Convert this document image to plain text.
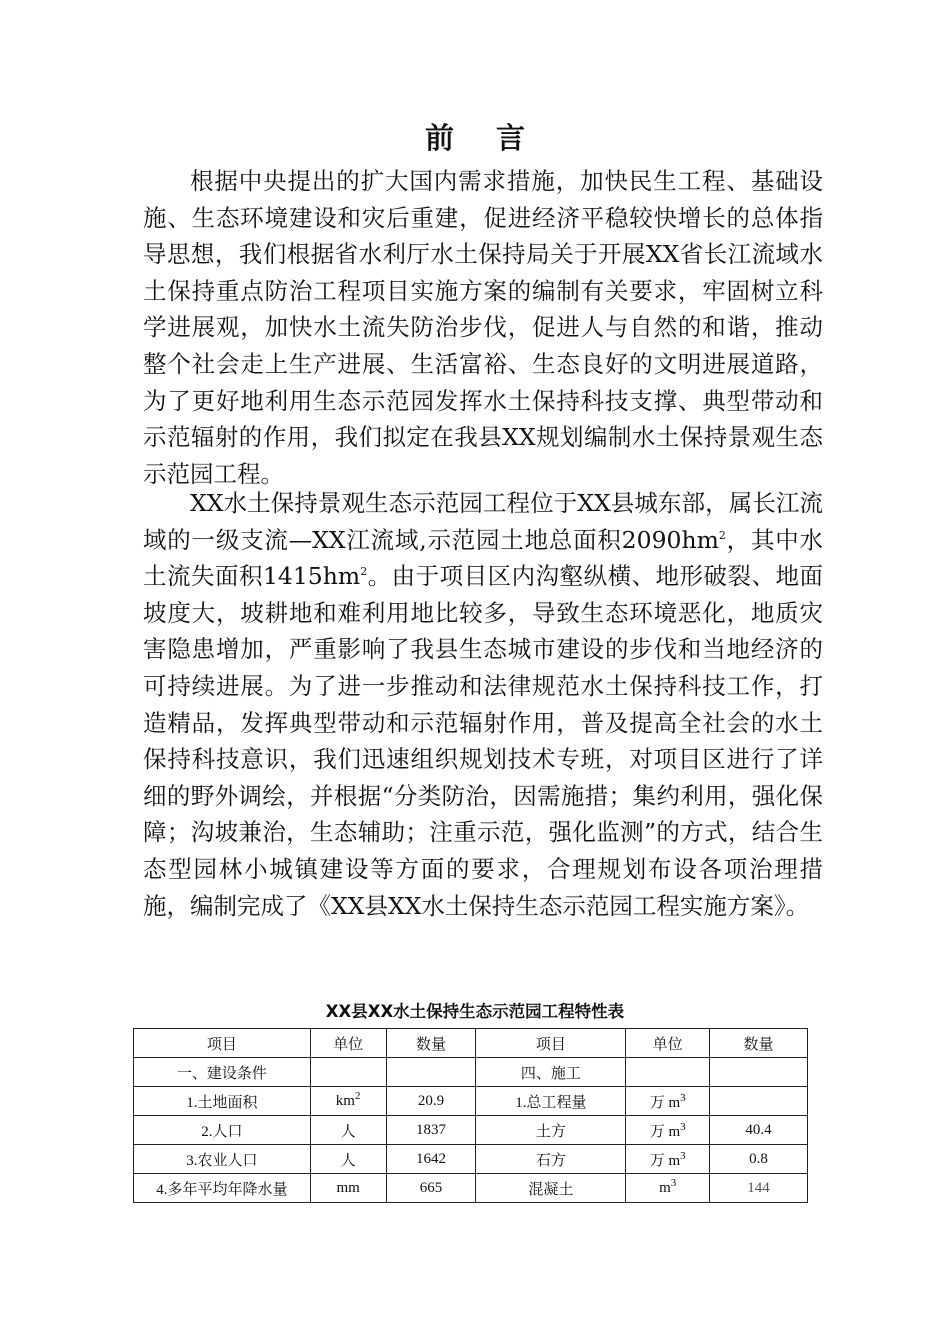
前言

根据中央提出的扩大国内需求措施，加快民生工程、基础设施、生态环境建设和灾后重建，促进经济平稳较快增长的总体指导思想，我们根据省水利厅水土保持局关于开展XX省长江流域水土保持重点防治工程项目实施方案的编制有关要求，牢固树立科学进展观，加快水土流失防治步伐，促进人与自然的和谐，推动整个社会走上生产进展、生活富裕、生态良好的文明进展道路，为了更好地利用生态示范园发挥水土保持科技支撑、典型带动和示范辐射的作用，我们拟定在我县XX规划编制水土保持景观生态示范园工程。

XX水土保持景观生态示范园工程位于XX县城东部，属长江流域的一级支流—XX江流域,示范园土地总面积$2090hm^2$，其中水土流失面积$1415hm^2$。由于项目区内沟壑纵横、地形破裂、地面坡度大，坡耕地和难利用地比较多，导致生态环境恶化，地质灾害隐患增加，严重影响了我县生态城市建设的步伐和当地经济的可持续进展。为了进一步推动和法律规范水土保持科技工作，打造精品，发挥典型带动和示范辐射作用，普及提高全社会的水土保持科技意识，我们迅速组织规划技术专班，对项目区进行了详细的野外调绘，并根据“分类防治，因需施措；集约利用，强化保障；沟坡兼治，生态辅助；注重示范，强化监测”的方式，结合生态型园林小城镇建设等方面的要求，合理规划布设各项治理措施，编制完成了《XX县XX水土保持生态示范园工程实施方案》。

XX县XX水土保持生态示范园工程特性表
项目	单位	数量	项目	单位	数量
一、建设条件			四、施工		
1.土地面积	$km^2$	20.9	1.总工程量	万 $m^3$	
2.人口	人	1837	土方	万 $m^3$	40.4
3.农业人口	人	1642	石方	万 $m^3$	0.8
4.多年平均年降水量	mm	665	混凝土	$m^3$	144
